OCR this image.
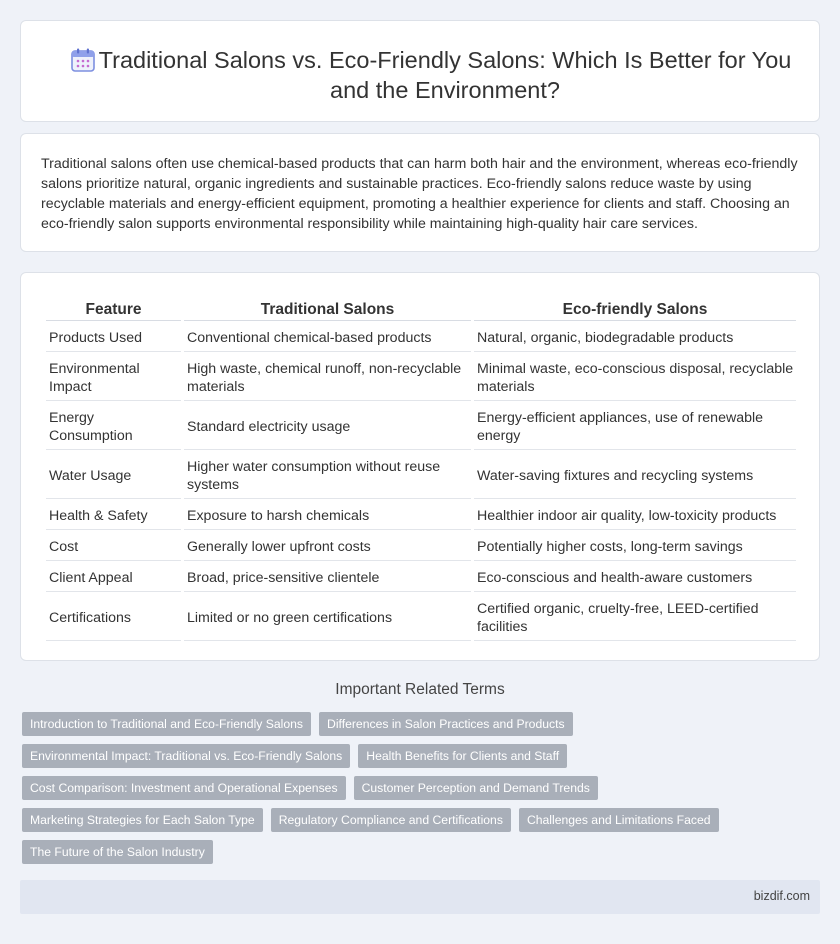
Traditional Salons vs. Eco-Friendly Salons: Which Is Better for You and the Environment?

Traditional salons often use chemical-based products that can harm both hair and the environment, whereas eco-friendly salons prioritize natural, organic ingredients and sustainable practices. Eco-friendly salons reduce waste by using recyclable materials and energy-efficient equipment, promoting a healthier experience for clients and staff. Choosing an eco-friendly salon supports environmental responsibility while maintaining high-quality hair care services.

Feature	Traditional Salons	Eco-friendly Salons
Products Used	Conventional chemical-based products	Natural, organic, biodegradable products
Environmental Impact	High waste, chemical runoff, non-recyclable materials	Minimal waste, eco-conscious disposal, recyclable materials
Energy Consumption	Standard electricity usage	Energy-efficient appliances, use of renewable energy
Water Usage	Higher water consumption without reuse systems	Water-saving fixtures and recycling systems
Health & Safety	Exposure to harsh chemicals	Healthier indoor air quality, low-toxicity products
Cost	Generally lower upfront costs	Potentially higher costs, long-term savings
Client Appeal	Broad, price-sensitive clientele	Eco-conscious and health-aware customers
Certifications	Limited or no green certifications	Certified organic, cruelty-free, LEED-certified facilities
Important Related Terms
Introduction to Traditional and Eco-Friendly Salons	Differences in Salon Practices and Products
Environmental Impact: Traditional vs. Eco-Friendly Salons	Health Benefits for Clients and Staff
Cost Comparison: Investment and Operational Expenses	Customer Perception and Demand Trends
Marketing Strategies for Each Salon Type	Regulatory Compliance and Certifications	Challenges and Limitations Faced
The Future of the Salon Industry
bizdif.com
